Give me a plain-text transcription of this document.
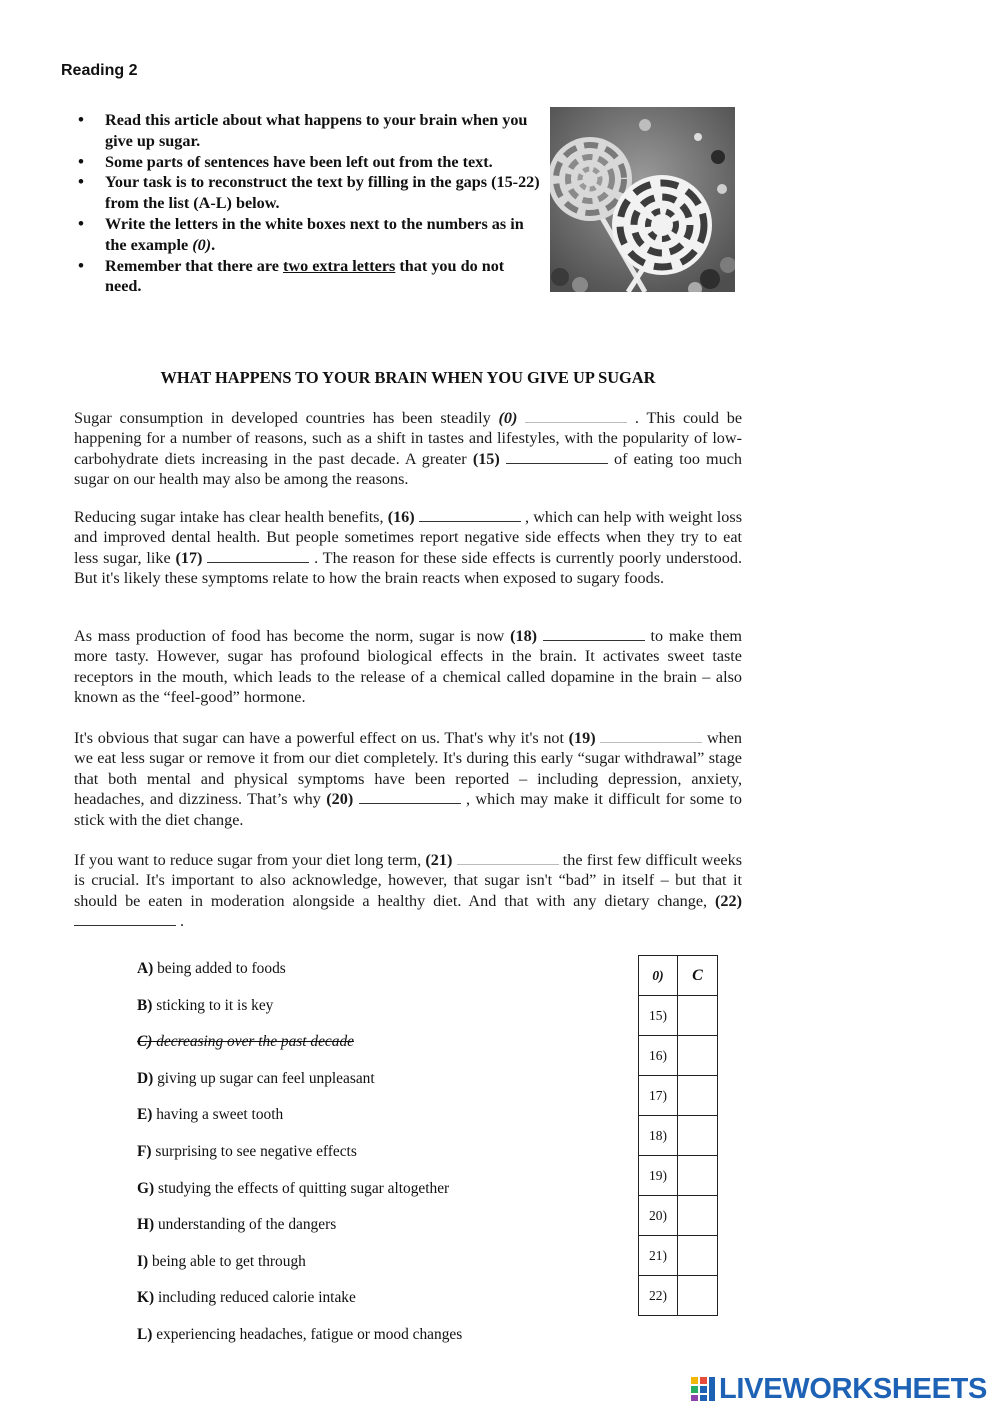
Reading 2
• Read this article about what happens to your brain when you give up sugar.
• Some parts of sentences have been left out from the text.
• Your task is to reconstruct the text by filling in the gaps (15-22) from the list (A-L) below.
• Write the letters in the white boxes next to the numbers as in the example (0).
• Remember that there are two extra letters that you do not need.
WHAT HAPPENS TO YOUR BRAIN WHEN YOU GIVE UP SUGAR

Sugar consumption in developed countries has been steadily (0)	. This could be happening for a number of reasons, such as a shift in tastes and lifestyles, with the popularity of low-carbohydrate diets increasing in the past decade. A greater (15)	of eating too much sugar on our health may also be among the reasons.

Reducing sugar intake has clear health benefits, (16)	, which can help with weight loss and improved dental health. But people sometimes report negative side effects when they try to eat less sugar, like (17)	. The reason for these side effects is currently poorly understood. But it's likely these symptoms relate to how the brain reacts when exposed to sugary foods.

As mass production of food has become the norm, sugar is now (18)	to make them more tasty. However, sugar has profound biological effects in the brain. It activates sweet taste receptors in the mouth, which leads to the release of a chemical called dopamine in the brain – also known as the “feel-good” hormone.

It's obvious that sugar can have a powerful effect on us. That's why it's not (19)	when we eat less sugar or remove it from our diet completely. It's during this early “sugar withdrawal” stage that both mental and physical symptoms have been reported – including depression, anxiety, headaches, and dizziness. That’s why (20)	, which may make it difficult for some to stick with the diet change.

If you want to reduce sugar from your diet long term, (21)	the first few difficult weeks is crucial. It's important to also acknowledge, however, that sugar isn't “bad” in itself – but that it should be eaten in moderation alongside a healthy diet. And that with any dietary change, (22)  .

A) being added to foods
B) sticking to it is key
C) decreasing over the past decade
D) giving up sugar can feel unpleasant
E) having a sweet tooth
F) surprising to see negative effects
G) studying the effects of quitting sugar altogether
H) understanding of the dangers
I) being able to get through
K) including reduced calorie intake
L) experiencing headaches, fatigue or mood changes
0)	C
15)	
16)	
17)	
18)	
19)	
20)	
21)	
22)	
LIVEWORKSHEETS
